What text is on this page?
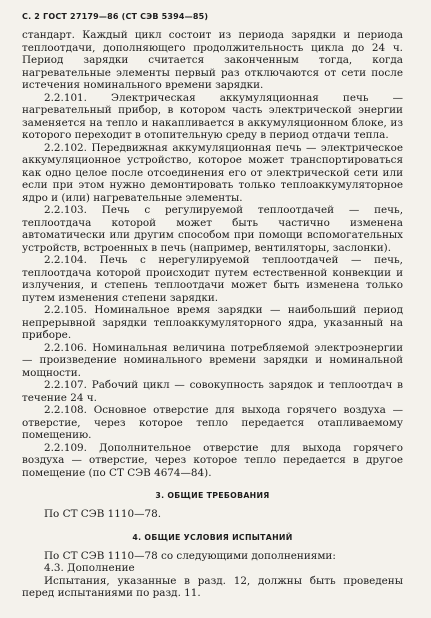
С. 2 ГОСТ 27179—86 (СТ СЭВ 5394—85)

стандарт. Каждый цикл состоит из периода зарядки и периода теплоотдачи, дополняющего продолжительность цикла до 24 ч. Период зарядки считается законченным тогда, когда нагревательные элементы первый раз отключаются от сети после истечения номинального времени зарядки.

2.2.101. Электрическая аккумуляционная печь — нагревательный прибор, в котором часть электрической энергии заменяется на тепло и накапливается в аккумуляционном блоке, из которого переходит в отопительную среду в период отдачи тепла.

2.2.102. Передвижная аккумуляционная печь — электрическое аккумуляционное устройство, которое может транспортироваться как одно целое после отсоединения его от электрической сети или если при этом нужно демонтировать только теплоаккумуляторное ядро и (или) нагревательные элементы.

2.2.103. Печь с регулируемой теплоотдачей — печь, теплоотдача которой может быть частично изменена автоматически или другим способом при помощи вспомогательных устройств, встроенных в печь (например, вентиляторы, заслонки).

2.2.104. Печь с нерегулируемой теплоотдачей — печь, теплоотдача которой происходит путем естественной конвекции и излучения, и степень теплоотдачи может быть изменена только путем изменения степени зарядки.

2.2.105. Номинальное время зарядки — наибольший период непрерывной зарядки теплоаккумуляторного ядра, указанный на приборе.

2.2.106. Номинальная величина потребляемой электроэнергии — произведение номинального времени зарядки и номинальной мощности.

2.2.107. Рабочий цикл — совокупность зарядок и теплоотдач в течение 24 ч.

2.2.108. Основное отверстие для выхода горячего воздуха — отверстие, через которое тепло передается отапливаемому помещению.

2.2.109. Дополнительное отверстие для выхода горячего воздуха — отверстие, через которое тепло передается в другое помещение (по СТ СЭВ 4674—84).

3. ОБЩИЕ ТРЕБОВАНИЯ

По СТ СЭВ 1110—78.

4. ОБЩИЕ УСЛОВИЯ ИСПЫТАНИЙ

По СТ СЭВ 1110—78 со следующими дополнениями:

4.3. Дополнение

Испытания, указанные в разд. 12, должны быть проведены перед испытаниями по разд. 11.
